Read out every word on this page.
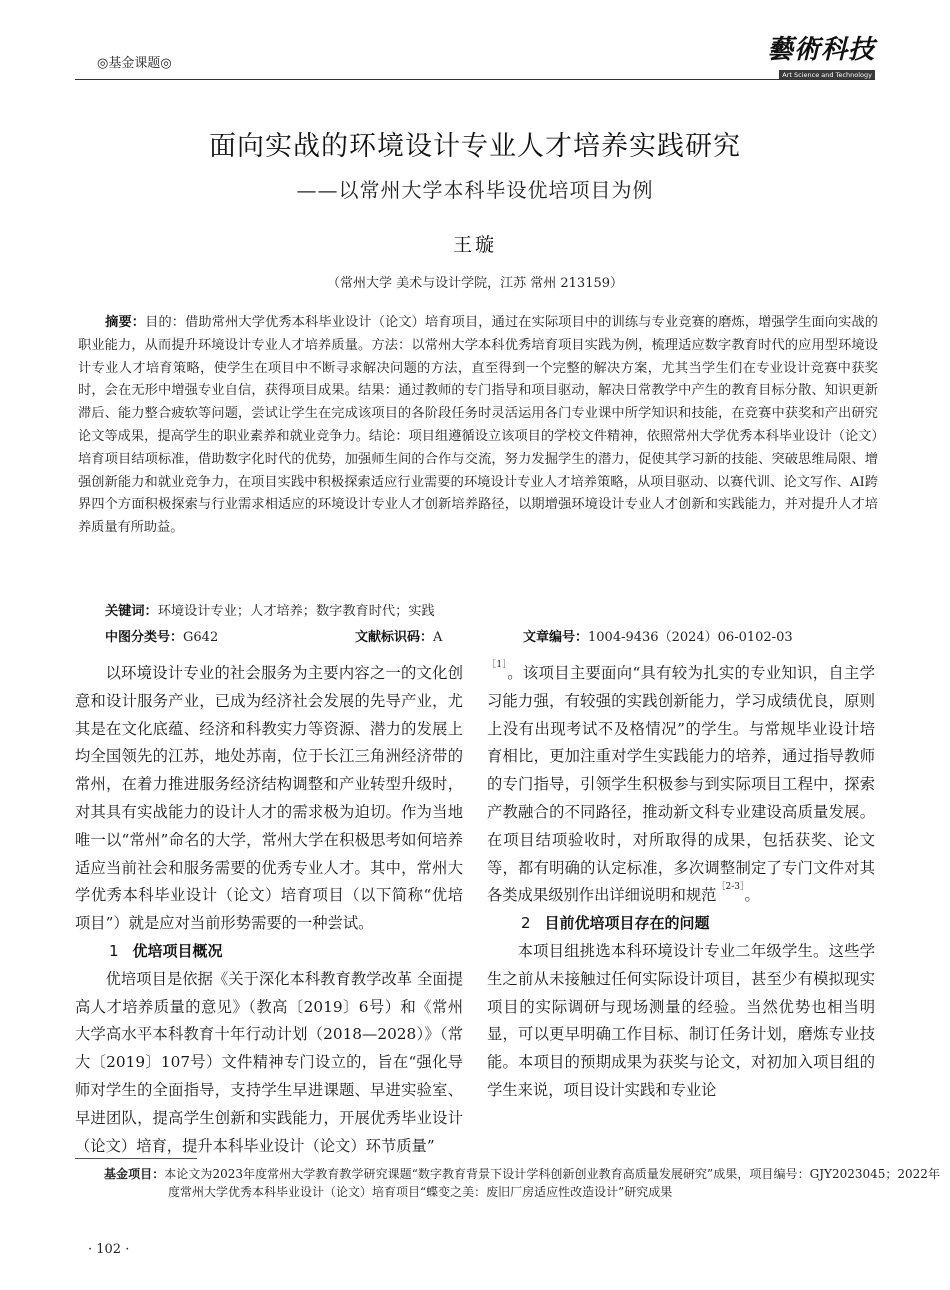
◎基金课题◎	藝術科技
Art Science and Technology
面向实战的环境设计专业人才培养实践研究
——以常州大学本科毕设优培项目为例
王璇
（常州大学 美术与设计学院，江苏 常州 213159）
摘要：目的：借助常州大学优秀本科毕业设计（论文）培育项目，通过在实际项目中的训练与专业竞赛的磨炼，增强学生面向实战的职业能力，从而提升环境设计专业人才培养质量。方法：以常州大学本科优秀培育项目实践为例，梳理适应数字教育时代的应用型环境设计专业人才培育策略，使学生在项目中不断寻求解决问题的方法，直至得到一个完整的解决方案，尤其当学生们在专业设计竞赛中获奖时，会在无形中增强专业自信，获得项目成果。结果：通过教师的专门指导和项目驱动，解决日常教学中产生的教育目标分散、知识更新滞后、能力整合疲软等问题，尝试让学生在完成该项目的各阶段任务时灵活运用各门专业课中所学知识和技能，在竞赛中获奖和产出研究论文等成果，提高学生的职业素养和就业竞争力。结论：项目组遵循设立该项目的学校文件精神，依照常州大学优秀本科毕业设计（论文）培育项目结项标准，借助数字化时代的优势，加强师生间的合作与交流，努力发掘学生的潜力，促使其学习新的技能、突破思维局限、增强创新能力和就业竞争力，在项目实践中积极探索适应行业需要的环境设计专业人才培养策略，从项目驱动、以赛代训、论文写作、AI跨界四个方面积极探索与行业需求相适应的环境设计专业人才创新培养路径，以期增强环境设计专业人才创新和实践能力，并对提升人才培养质量有所助益。
关键词：环境设计专业；人才培养；数字教育时代；实践
中图分类号：G642	文献标识码：A	文章编号：1004-9436（2024）06-0102-03

以环境设计专业的社会服务为主要内容之一的文化创意和设计服务产业，已成为经济社会发展的先导产业，尤其是在文化底蕴、经济和科教实力等资源、潜力的发展上均全国领先的江苏，地处苏南，位于长江三角洲经济带的常州，在着力推进服务经济结构调整和产业转型升级时，对其具有实战能力的设计人才的需求极为迫切。作为当地唯一以“常州”命名的大学，常州大学在积极思考如何培养适应当前社会和服务需要的优秀专业人才。其中，常州大学优秀本科毕业设计（论文）培育项目（以下简称“优培项目”）就是应对当前形势需要的一种尝试。

1 优培项目概况

优培项目是依据《关于深化本科教育教学改革 全面提高人才培养质量的意见》（教高〔2019〕6号）和《常州大学高水平本科教育十年行动计划（2018—2028）》（常大〔2019〕107号）文件精神专门设立的，旨在“强化导师对学生的全面指导，支持学生早进课题、早进实验室、早进团队，提高学生创新和实践能力，开展优秀毕业设计（论文）培育，提升本科毕业设计（论文）环节质量”

$^{[1]}$。该项目主要面向“具有较为扎实的专业知识，自主学习能力强，有较强的实践创新能力，学习成绩优良，原则上没有出现考试不及格情况”的学生。与常规毕业设计培育相比，更加注重对学生实践能力的培养，通过指导教师的专门指导，引领学生积极参与到实际项目工程中，探索产教融合的不同路径，推动新文科专业建设高质量发展。在项目结项验收时，对所取得的成果，包括获奖、论文等，都有明确的认定标准，多次调整制定了专门文件对其各类成果级别作出详细说明和规范$^{[2-3]}$。

2 目前优培项目存在的问题

本项目组挑选本科环境设计专业二年级学生。这些学生之前从未接触过任何实际设计项目，甚至少有模拟现实项目的实际调研与现场测量的经验。当然优势也相当明显，可以更早明确工作目标、制订任务计划，磨炼专业技能。本项目的预期成果为获奖与论文，对初加入项目组的学生来说，项目设计实践和专业论

基金项目：本论文为2023年度常州大学教育教学研究课题“数字教育背景下设计学科创新创业教育高质量发展研究”成果，项目编号：GJY2023045；2022年度常州大学优秀本科毕业设计（论文）培育项目“蝶变之美：废旧厂房适应性改造设计”研究成果
· 102 ·
